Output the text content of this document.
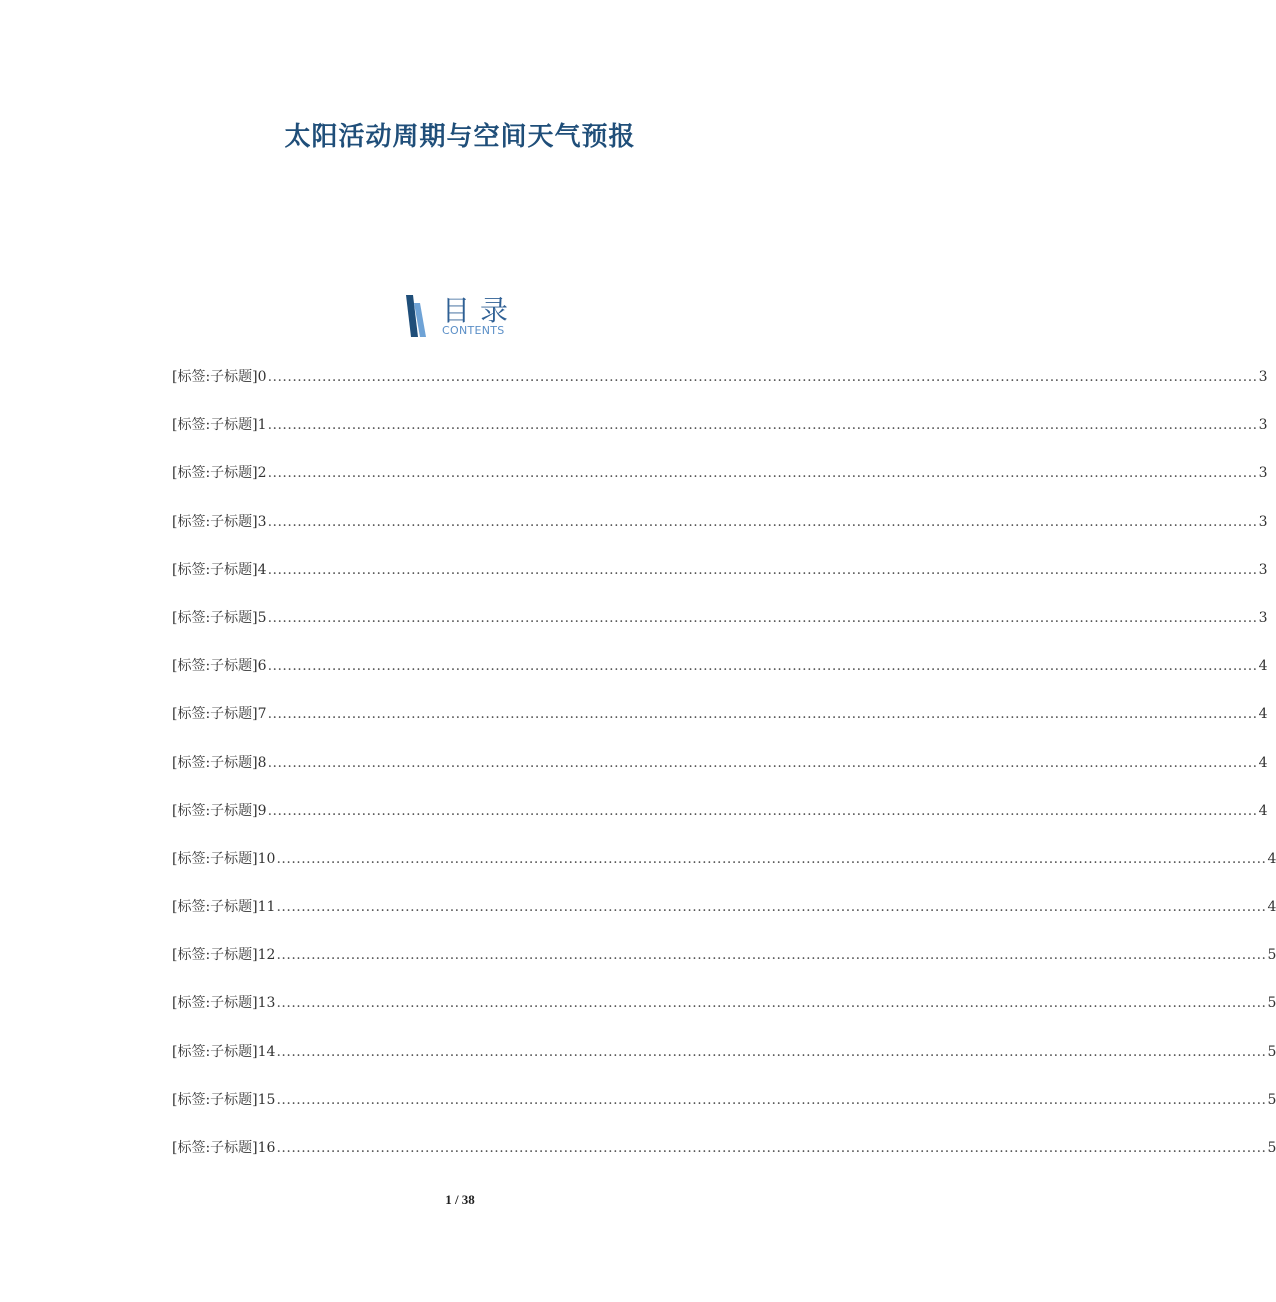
太阳活动周期与空间天气预报
目录
CONTENTS
[标签:子标题]0 ........................................................................................................................................................................................................ 3
[标签:子标题]1 ........................................................................................................................................................................................................ 3
[标签:子标题]2 ........................................................................................................................................................................................................ 3
[标签:子标题]3 ........................................................................................................................................................................................................ 3
[标签:子标题]4 ........................................................................................................................................................................................................ 3
[标签:子标题]5 ........................................................................................................................................................................................................ 3
[标签:子标题]6 ........................................................................................................................................................................................................ 4
[标签:子标题]7 ........................................................................................................................................................................................................ 4
[标签:子标题]8 ........................................................................................................................................................................................................ 4
[标签:子标题]9 ........................................................................................................................................................................................................ 4
[标签:子标题]10 ........................................................................................................................................................................................................ 4
[标签:子标题]11 ........................................................................................................................................................................................................ 4
[标签:子标题]12 ........................................................................................................................................................................................................ 5
[标签:子标题]13 ........................................................................................................................................................................................................ 5
[标签:子标题]14 ........................................................................................................................................................................................................ 5
[标签:子标题]15 ........................................................................................................................................................................................................ 5
[标签:子标题]16 ........................................................................................................................................................................................................ 5
1 / 38
